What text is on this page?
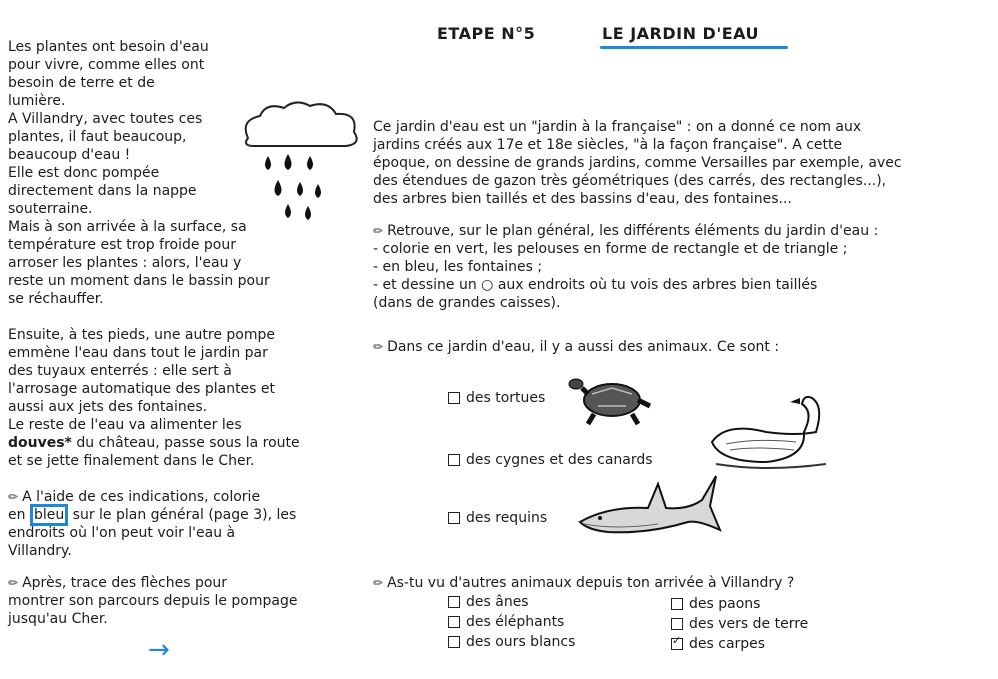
ETAPE N°5	LE JARDIN D'EAU

Les plantes ont besoin d'eau
pour vivre, comme elles ont
besoin de terre et de
lumière.
A Villandry, avec toutes ces
plantes, il faut beaucoup,
beaucoup d'eau !
Elle est donc pompée
directement dans la nappe
souterraine.
Mais à son arrivée à la surface, sa
température est trop froide pour
arroser les plantes : alors, l'eau y
reste un moment dans le bassin pour
se réchauffer.

Ensuite, à tes pieds, une autre pompe
emmène l'eau dans tout le jardin par
des tuyaux enterrés : elle sert à
l'arrosage automatique des plantes et
aussi aux jets des fontaines.
Le reste de l'eau va alimenter les
douves* du château, passe sous la route
et se jette finalement dans le Cher.

✏ A l'aide de ces indications, colorie
en bleu sur le plan général (page 3), les
endroits où l'on peut voir l'eau à
Villandry.

✏ Après, trace des flèches pour
montrer son parcours depuis le pompage
jusqu'au Cher.

Ce jardin d'eau est un "jardin à la française" : on a donné ce nom aux
jardins créés aux 17e et 18e siècles, "à la façon française". A cette
époque, on dessine de grands jardins, comme Versailles par exemple, avec
des étendues de gazon très géométriques (des carrés, des rectangles...),
des arbres bien taillés et des bassins d'eau, des fontaines...

✏ Retrouve, sur le plan général, les différents éléments du jardin d'eau :
- colorie en vert, les pelouses en forme de rectangle et de triangle ;
- en bleu, les fontaines ;
- et dessine un ○ aux endroits où tu vois des arbres bien taillés
(dans de grandes caisses).

✏ Dans ce jardin d'eau, il y a aussi des animaux. Ce sont :

des tortues
des cygnes et des canards
des requins
✏ As-tu vu d'autres animaux depuis ton arrivée à Villandry ?
des ânes
des éléphants
des ours blancs
des paons
des vers de terre
✓
des carpes
→
